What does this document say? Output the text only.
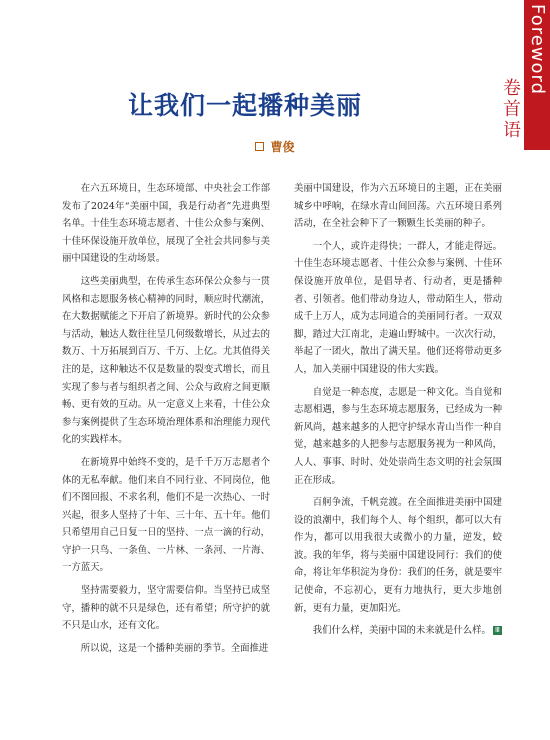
Foreword
卷首语
让我们一起播种美丽
曹俊

在六五环境日，生态环境部、中央社会工作部发布了2024年“美丽中国，我是行动者”先进典型名单。十佳生态环境志愿者、十佳公众参与案例、十佳环保设施开放单位，展现了全社会共同参与美丽中国建设的生动场景。

这些美丽典型，在传承生态环保公众参与一贯风格和志愿服务核心精神的同时，顺应时代潮流，在大数据赋能之下开启了新境界。新时代的公众参与活动，触达人数往往呈几何级数增长，从过去的数万、十万拓展到百万、千万、上亿。尤其值得关注的是，这种触达不仅是数量的裂变式增长，而且实现了参与者与组织者之间、公众与政府之间更顺畅、更有效的互动。从一定意义上来看，十佳公众参与案例提供了生态环境治理体系和治理能力现代化的实践样本。

在新境界中始终不变的，是千千万万志愿者个体的无私奉献。他们来自不同行业、不同岗位，他们不图回报、不求名利，他们不是一次热心、一时兴起，很多人坚持了十年、三十年、五十年。他们只希望用自己日复一日的坚持、一点一滴的行动，守护一只鸟、一条鱼、一片林、一条河、一片海、一方蓝天。

坚持需要毅力，坚守需要信仰。当坚持已成坚守，播种的就不只是绿色，还有希望；所守护的就不只是山水，还有文化。

所以说，这是一个播种美丽的季节。全面推进

美丽中国建设，作为六五环境日的主题，正在美丽城乡中呼响，在绿水青山间回荡。六五环境日系列活动，在全社会种下了一颗颗生长美丽的种子。

一个人，或许走得快；一群人，才能走得远。十佳生态环境志愿者、十佳公众参与案例、十佳环保设施开放单位，是倡导者、行动者，更是播种者、引领者。他们带动身边人，带动陌生人，带动成千上万人，成为志同道合的美丽同行者。一双双脚，踏过大江南北，走遍山野城中。一次次行动，举起了一团火，散出了满天星。他们还将带动更多人，加入美丽中国建设的伟大实践。

自觉是一种态度，志愿是一种文化。当自觉和志愿相遇，参与生态环境志愿服务，已经成为一种新风尚，越来越多的人把守护绿水青山当作一种自觉，越来越多的人把参与志愿服务视为一种风尚，人人、事事、时时、处处崇尚生态文明的社会氛围正在形成。

百舸争流，千帆竞渡。在全面推进美丽中国建设的浪潮中，我们每个人、每个组织，都可以大有作为，都可以用我很大或微小的力量，逆发，蛟波。我的年华，将与美丽中国建设同行：我们的使命，将让年华积淀为身份：我们的任务，就是要牢记使命，不忘初心，更有力地执行，更大步地创新，更有力量，更加阳光。

我们什么样，美丽中国的未来就是什么样。 Ⅲ
